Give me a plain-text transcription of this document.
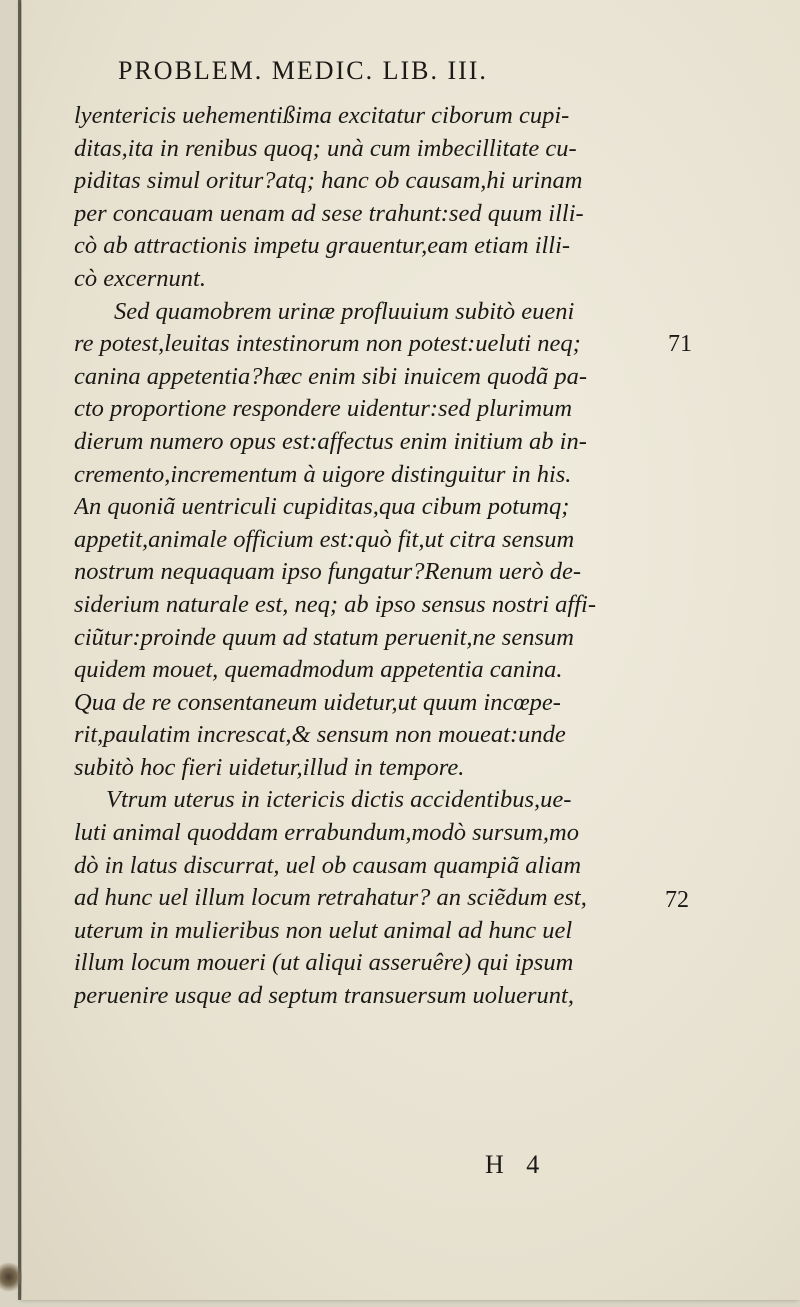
PROBLEM. MEDIC. LIB. III.
lyentericis uehementißima excitatur ciborum cupi-
ditas,ita in renibus quoq; unà cum imbecillitate cu-
piditas simul oritur?atq; hanc ob causam,hi urinam
per concauam uenam ad sese trahunt:sed quum illi-
cò ab attractionis impetu grauentur,eam etiam illi-
cò excernunt.
Sed quamobrem urinæ profluuium subitò eueni
re potest,leuitas intestinorum non potest:ueluti neq;
canina appetentia?hæc enim sibi inuicem quodã pa-
cto proportione respondere uidentur:sed plurimum
dierum numero opus est:affectus enim initium ab in-
cremento,incrementum à uigore distinguitur in his.
An quoniã uentriculi cupiditas,qua cibum potumq;
appetit,animale officium est:quò fit,ut citra sensum
nostrum nequaquam ipso fungatur?Renum uerò de-
siderium naturale est, neq; ab ipso sensus nostri affi-
ciũtur:proinde quum ad statum peruenit,ne sensum
quidem mouet, quemadmodum appetentia canina.
Qua de re consentaneum uidetur,ut quum incœpe-
rit,paulatim increscat,& sensum non moueat:unde
subitò hoc fieri uidetur,illud in tempore.
Vtrum uterus in ictericis dictis accidentibus,ue-
luti animal quoddam errabundum,modò sursum,mo
dò in latus discurrat, uel ob causam quampiã aliam
ad hunc uel illum locum retrahatur? an sciẽdum est,
uterum in mulieribus non uelut animal ad hunc uel
illum locum moueri (ut aliqui asseruêre) qui ipsum
peruenire usque ad septum transuersum uoluerunt,
71
72
H 4
